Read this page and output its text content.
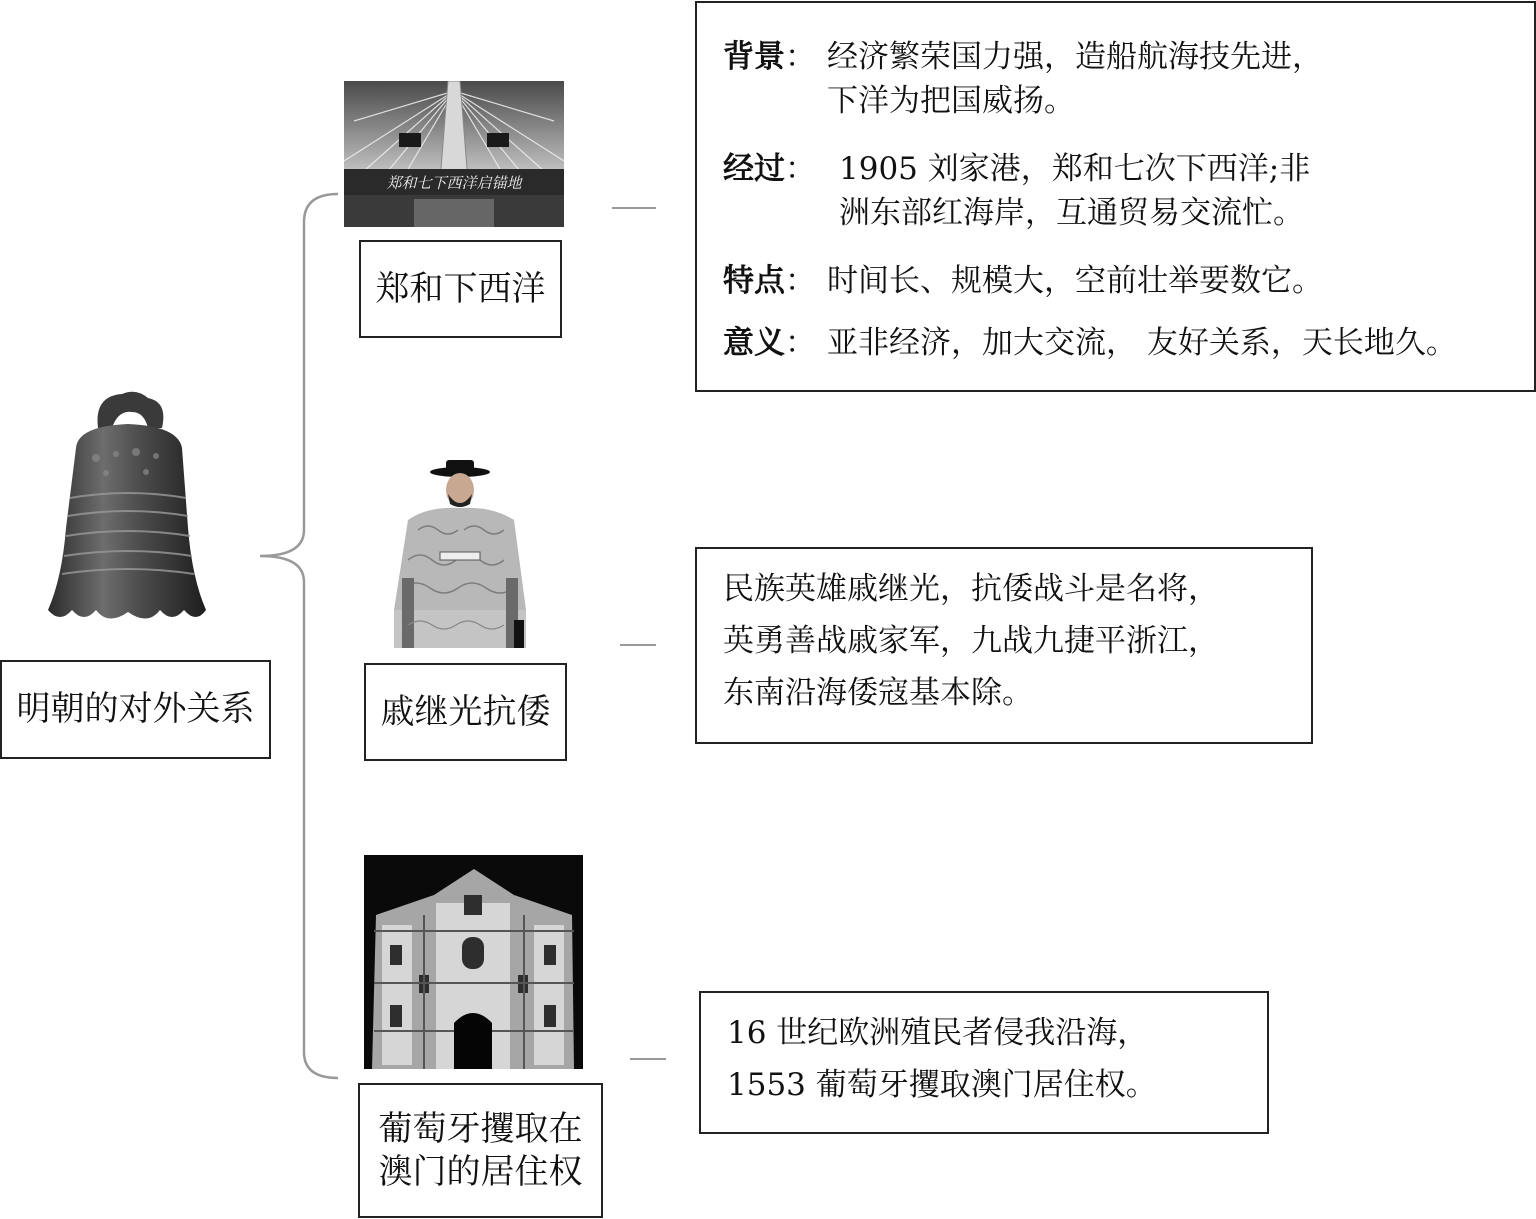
明朝的对外关系
郑和七下西洋启锚地
郑和下西洋
背景： 经济繁荣国力强，造船航海技先进，
下洋为把国威扬。
经过： 1905 刘家港，郑和七次下西洋;非
洲东部红海岸，互通贸易交流忙。
特点： 时间长、规模大，空前壮举要数它。
意义： 亚非经济，加大交流， 友好关系，天长地久。
戚继光抗倭
民族英雄戚继光，抗倭战斗是名将，
英勇善战戚家军，九战九捷平浙江，
东南沿海倭寇基本除。
葡萄牙攫取在
澳门的居住权
16 世纪欧洲殖民者侵我沿海，
1553 葡萄牙攫取澳门居住权。
